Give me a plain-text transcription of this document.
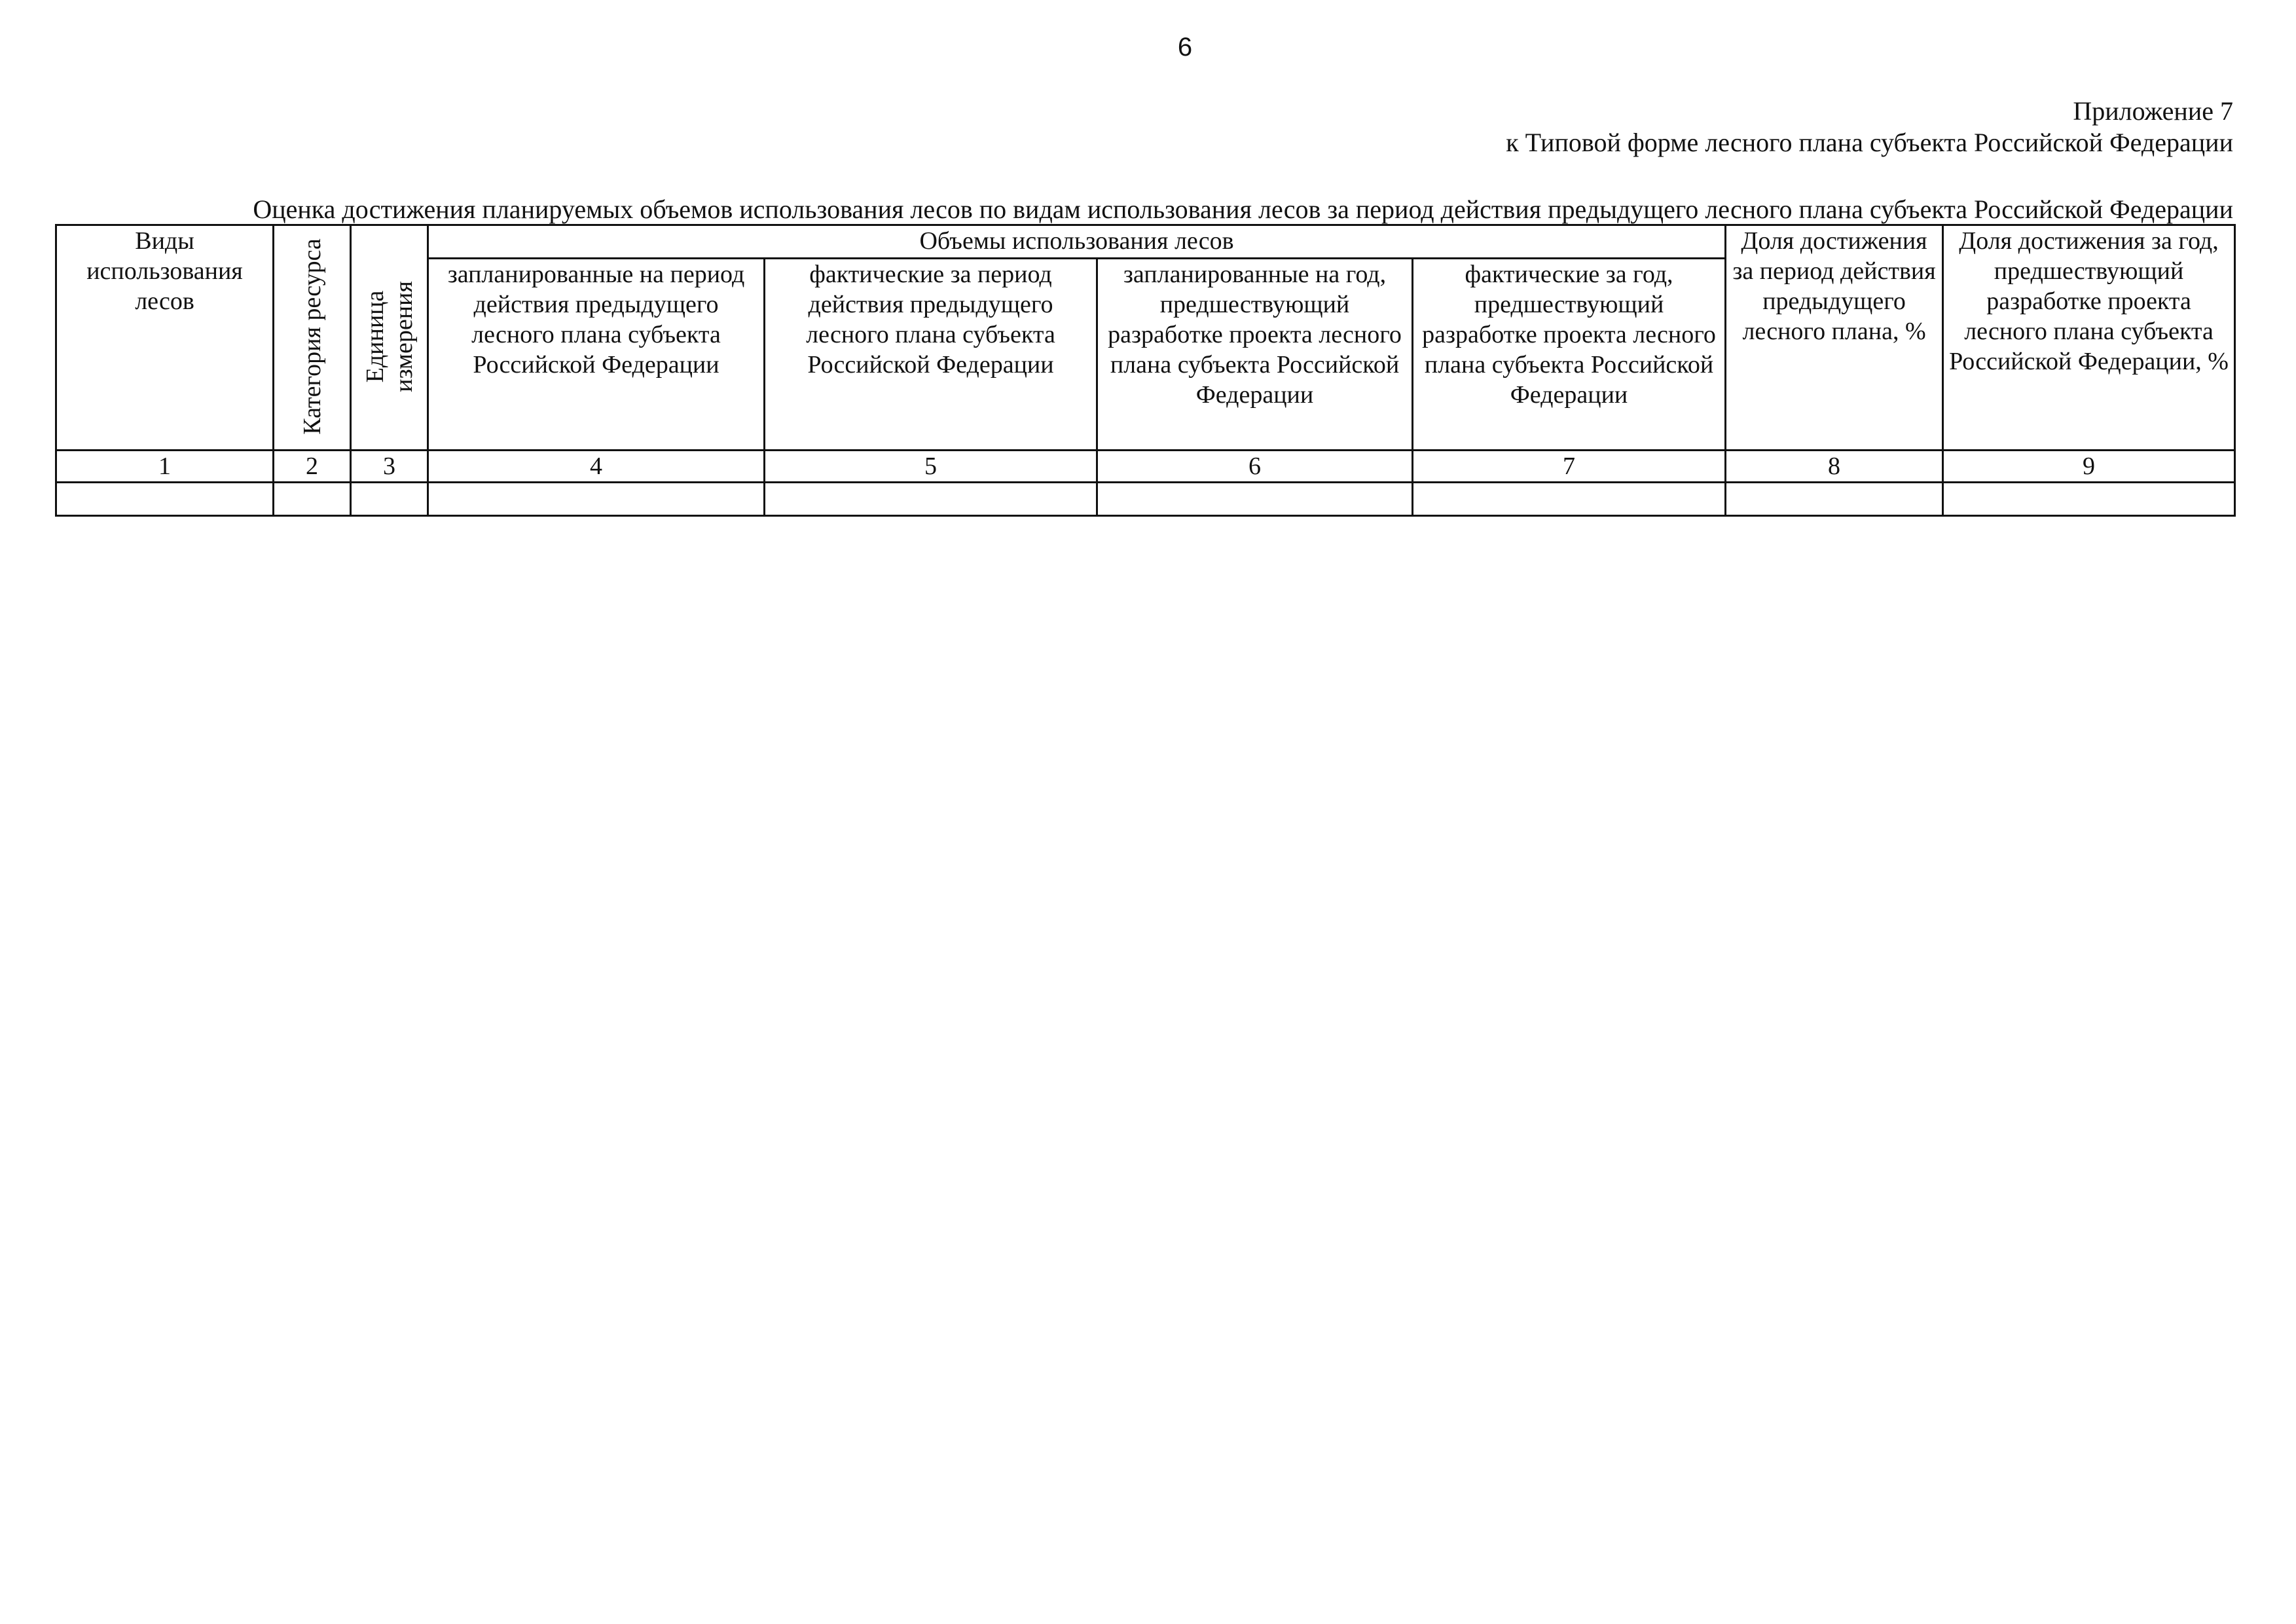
6
Приложение 7
к Типовой форме лесного плана субъекта Российской Федерации
Оценка достижения планируемых объемов использования лесов по видам использования лесов за период действия предыдущего лесного плана субъекта Российской Федерации
Виды использования лесов	Категория ресурса	Единица измерения	Объемы использования лесов				Доля достижения за период действия предыдущего лесного плана, %	Доля достижения за год, предшествующий разработке проекта лесного плана субъекта Российской Федерации, %
			запланированные на период действия предыдущего лесного плана субъекта Российской Федерации	фактические за период действия предыдущего лесного плана субъекта Российской Федерации	запланированные на год, предшествующий разработке проекта лесного плана субъекта Российской Федерации	фактические за год, предшествующий разработке проекта лесного плана субъекта Российской Федерации		
1	2	3	4	5	6	7	8	9
